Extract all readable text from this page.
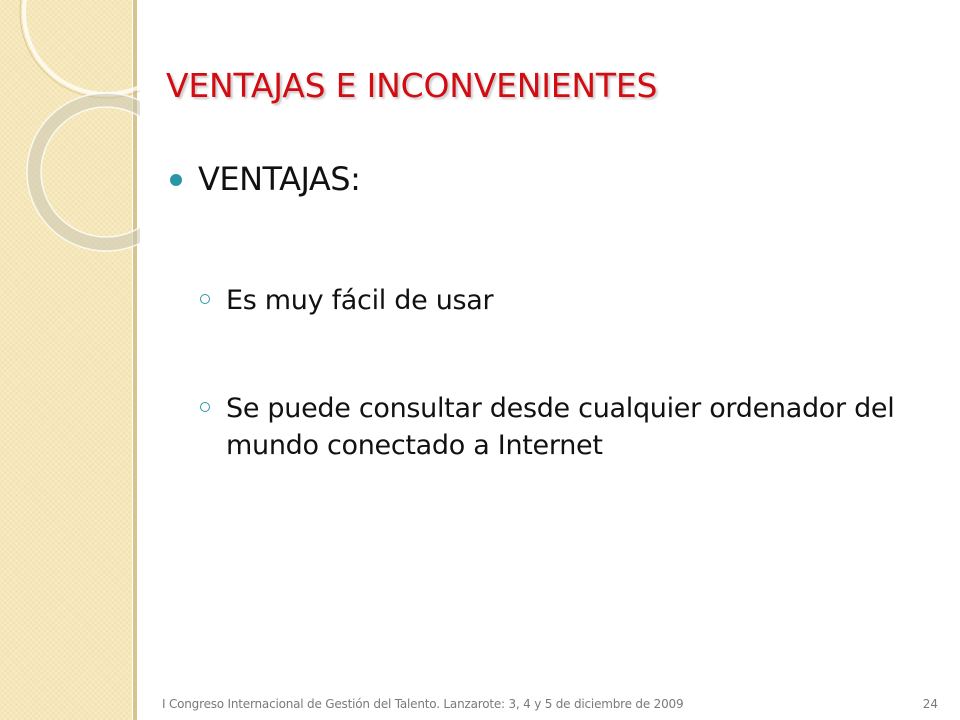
VENTAJAS E INCONVENIENTES
VENTAJAS:
Es muy fácil de usar
Se puede consultar desde cualquier ordenador del mundo conectado a Internet
I Congreso Internacional de Gestión del Talento. Lanzarote: 3, 4 y 5 de diciembre de 2009	24
